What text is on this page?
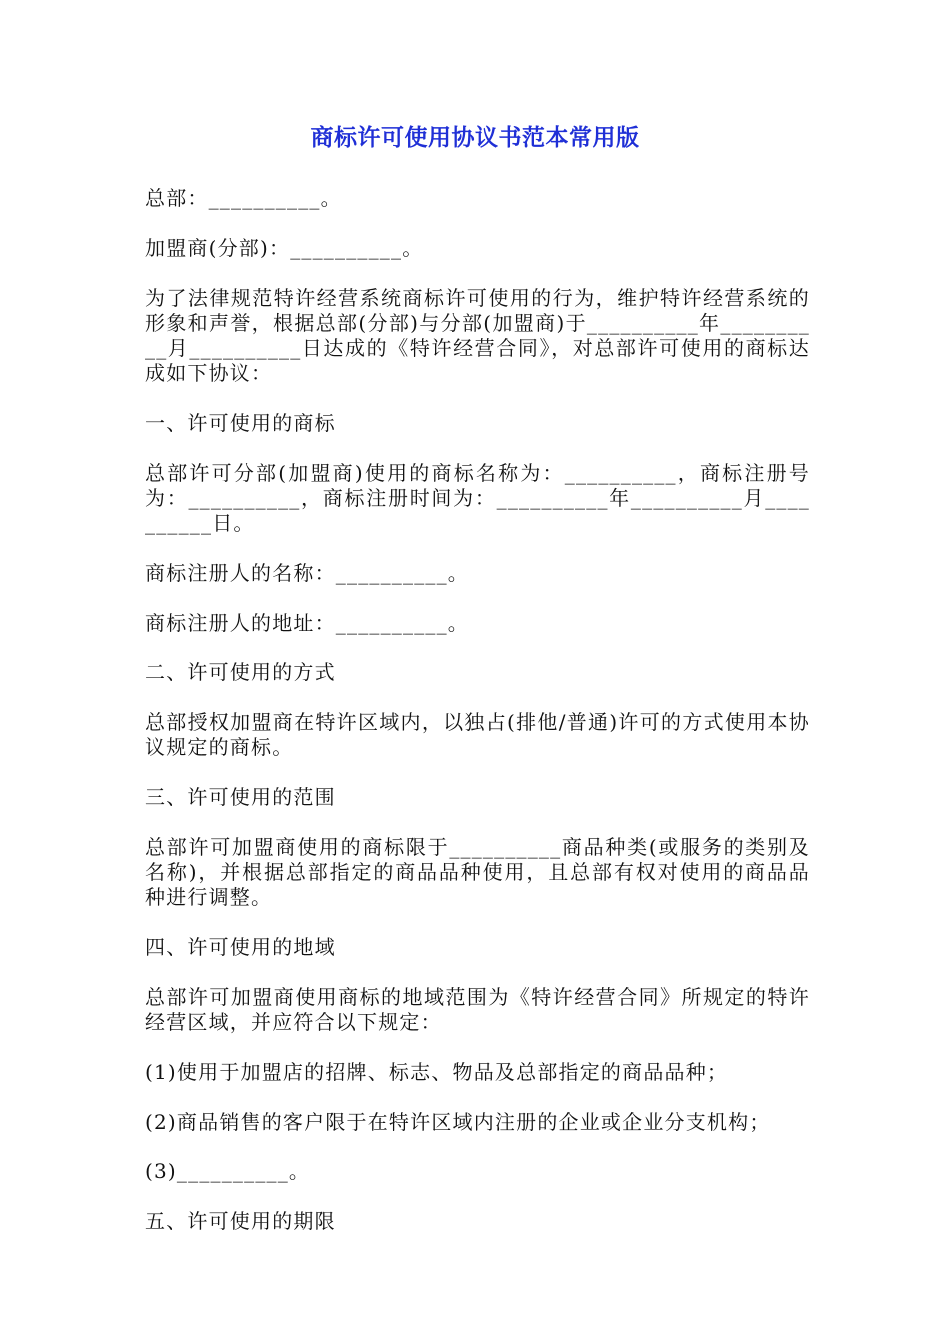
商标许可使用协议书范本常用版

总部：__________。

加盟商(分部)：__________。

为了法律规范特许经营系统商标许可使用的行为，维护特许经营系统的形象和声誉，根据总部(分部)与分部(加盟商)于__________年__________月__________日达成的《特许经营合同》，对总部许可使用的商标达成如下协议：

一、许可使用的商标

总部许可分部(加盟商)使用的商标名称为：__________，商标注册号为：__________，商标注册时间为：__________年__________月__________日。

商标注册人的名称：__________。

商标注册人的地址：__________。

二、许可使用的方式

总部授权加盟商在特许区域内，以独占(排他/普通)许可的方式使用本协议规定的商标。

三、许可使用的范围

总部许可加盟商使用的商标限于__________商品种类(或服务的类别及名称)，并根据总部指定的商品品种使用，且总部有权对使用的商品品种进行调整。

四、许可使用的地域

总部许可加盟商使用商标的地域范围为《特许经营合同》所规定的特许经营区域，并应符合以下规定：

(1)使用于加盟店的招牌、标志、物品及总部指定的商品品种；

(2)商品销售的客户限于在特许区域内注册的企业或企业分支机构；

(3)__________。

五、许可使用的期限
